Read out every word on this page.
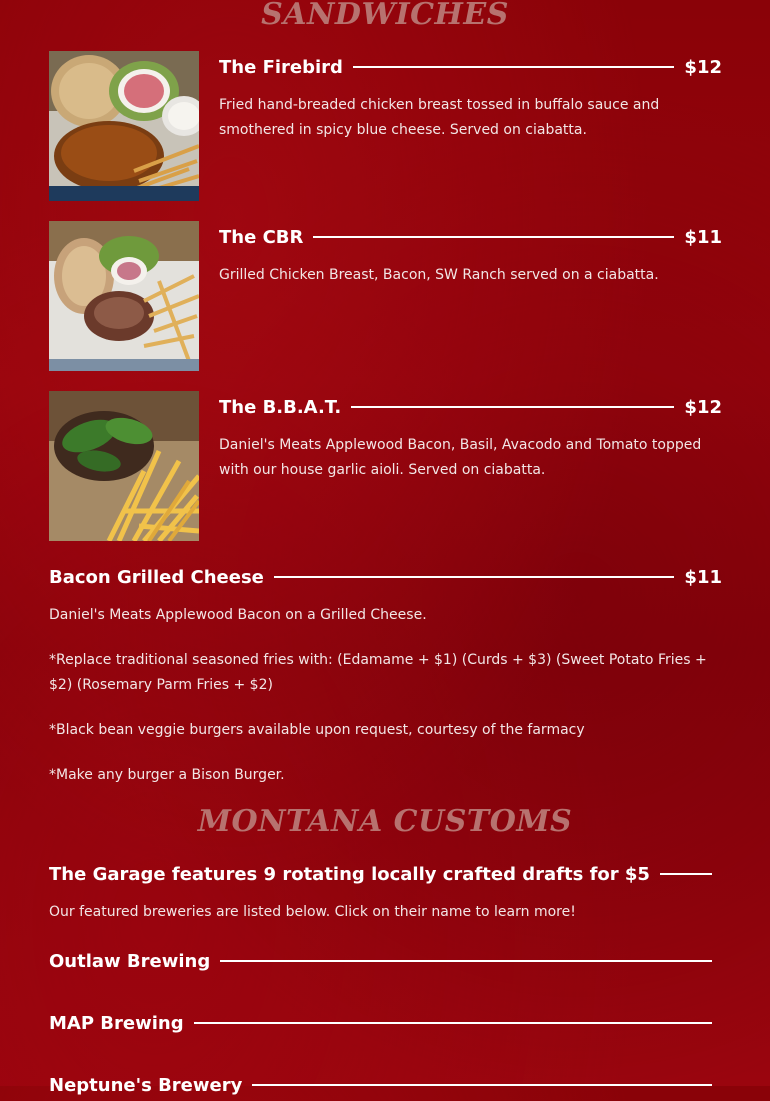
SANDWICHES
The Firebird	$12
Fried hand-breaded chicken breast tossed in buffalo sauce and smothered in spicy blue cheese. Served on ciabatta.
The CBR	$11
Grilled Chicken Breast, Bacon, SW Ranch served on a ciabatta.
The B.B.A.T.	$12
Daniel's Meats Applewood Bacon, Basil, Avacodo and Tomato topped with our house garlic aioli. Served on ciabatta.
Bacon Grilled Cheese	$11
Daniel's Meats Applewood Bacon on a Grilled Cheese.
*Replace traditional seasoned fries with: (Edamame + $1) (Curds + $3) (Sweet Potato Fries + $2) (Rosemary Parm Fries + $2)
*Black bean veggie burgers available upon request, courtesy of the farmacy
*Make any burger a Bison Burger.
MONTANA CUSTOMS
The Garage features 9 rotating locally crafted drafts for $5
Our featured breweries are listed below. Click on their name to learn more!
Outlaw Brewing
MAP Brewing
Neptune's Brewery
